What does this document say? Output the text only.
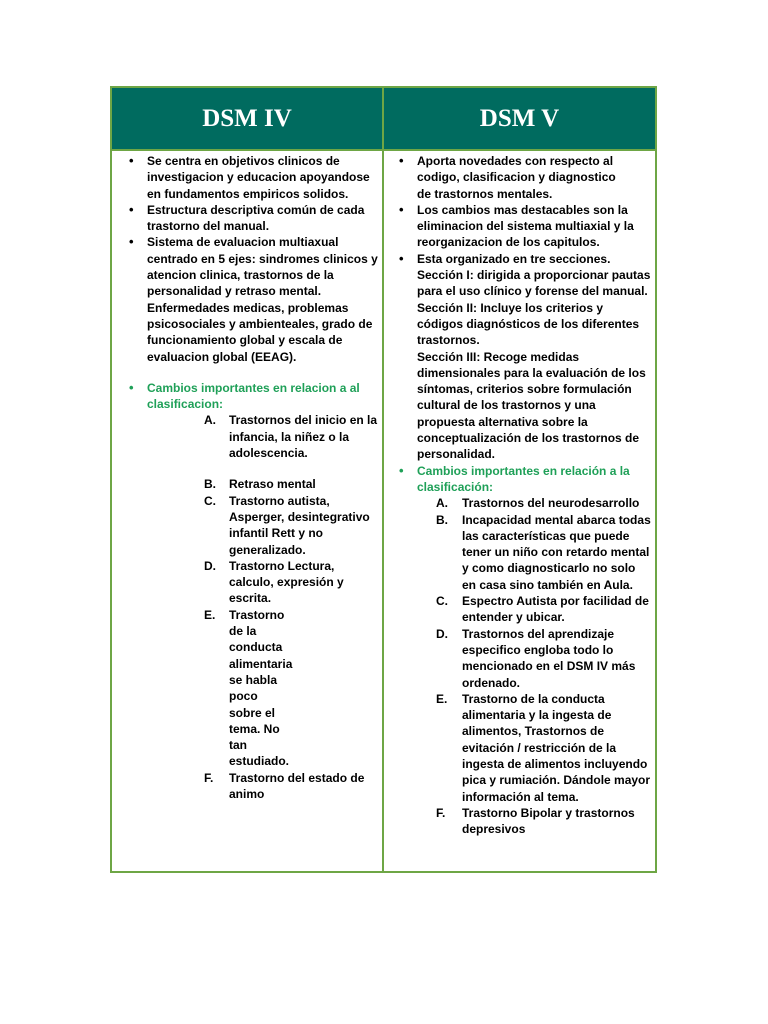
DSM IV	DSM V
• Se centra en objetivos clinicos de investigacion y educacion apoyandose en fundamentos empiricos solidos.
• Estructura descriptiva común de cada trastorno del manual.
• Sistema de evaluacion multiaxual centrado en 5 ejes: sindromes clinicos y atencion clinica, trastornos de la personalidad y retraso mental. Enfermedades medicas, problemas psicosociales y ambienteales, grado de funcionamiento global y escala de evaluacion global (EEAG).
• Cambios importantes en relacion a al clasificacion:
A. Trastornos del inicio en la infancia, la niñez o la adolescencia.
B. Retraso mental
C. Trastorno autista, Asperger, desintegrativo infantil Rett y no generalizado.
D. Trastorno Lectura, calculo, expresión y escrita.
E. Trastorno de la conducta alimentaria se habla poco sobre el tema. No tan estudiado.
F. Trastorno del estado de animo
• Aporta novedades con respecto al codigo, clasificacion y diagnostico de trastornos mentales.
• Los cambios mas destacables son la eliminacion del sistema multiaxial y la reorganizacion de los capitulos.
• Esta organizado en tre secciones.
Sección I: dirigida a proporcionar pautas para el uso clínico y forense del manual.
Sección II: Incluye los criterios y códigos diagnósticos de los diferentes trastornos.
Sección III: Recoge medidas dimensionales para la evaluación de los síntomas, criterios sobre formulación cultural de los trastornos y una propuesta alternativa sobre la conceptualización de los trastornos de personalidad.
• Cambios importantes en relación a la clasificación:
A. Trastornos del neurodesarrollo
B. Incapacidad mental abarca todas las características que puede tener un niño con retardo mental y como diagnosticarlo no solo en casa sino también en Aula.
C. Espectro Autista por facilidad de entender y ubicar.
D. Trastornos del aprendizaje especifico engloba todo lo mencionado en el DSM IV más ordenado.
E. Trastorno de la conducta alimentaria y la ingesta de alimentos, Trastornos de evitación / restricción de la ingesta de alimentos incluyendo pica y rumiación. Dándole mayor información al tema.
F. Trastorno Bipolar y trastornos depresivos
